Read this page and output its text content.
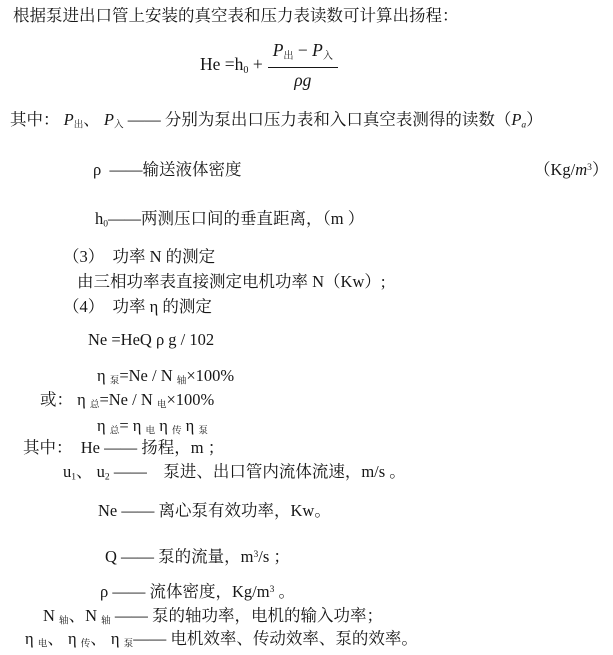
根据泵进出口管上安装的真空表和压力表读数可计算出扬程：
$He =h_0 + \frac{P_出 - P_入}{\rho g}$
其中： $P_出$、 $P_入$ —— 分别为泵出口压力表和入口真空表测得的读数（Pa）
ρ  ——输送液体密度	$(Kg/m^3)$
$h_0——$两测压口间的垂直距离，（m ）
（3）　功率 N 的测定
由三相功率表直接测定电机功率 N（Kw）;
（4）　功率 η 的测定
Ne =HeQ ρ g / 102
η $_泵$=Ne / N $_轴$×100%
或： η $_总$=Ne / N $_电$×100%
η $_总$= η $_电$ η $_传$ η $_泵$
其中：　He —— 扬程，m ；
$u_1$、 $u_2$ ——　泵进、出口管内流体流速，m/s 。
Ne —— 离心泵有效功率，Kw。
Q —— 泵的流量，$m^3/s$ ；
ρ —— 流体密度，$Kg/m^3$ 。
N $_轴$、N $_轴$ —— 泵的轴功率，电机的输入功率；
η $_电$、 η $_传$、 η $_泵$—— 电机效率、传动效率、泵的效率。
